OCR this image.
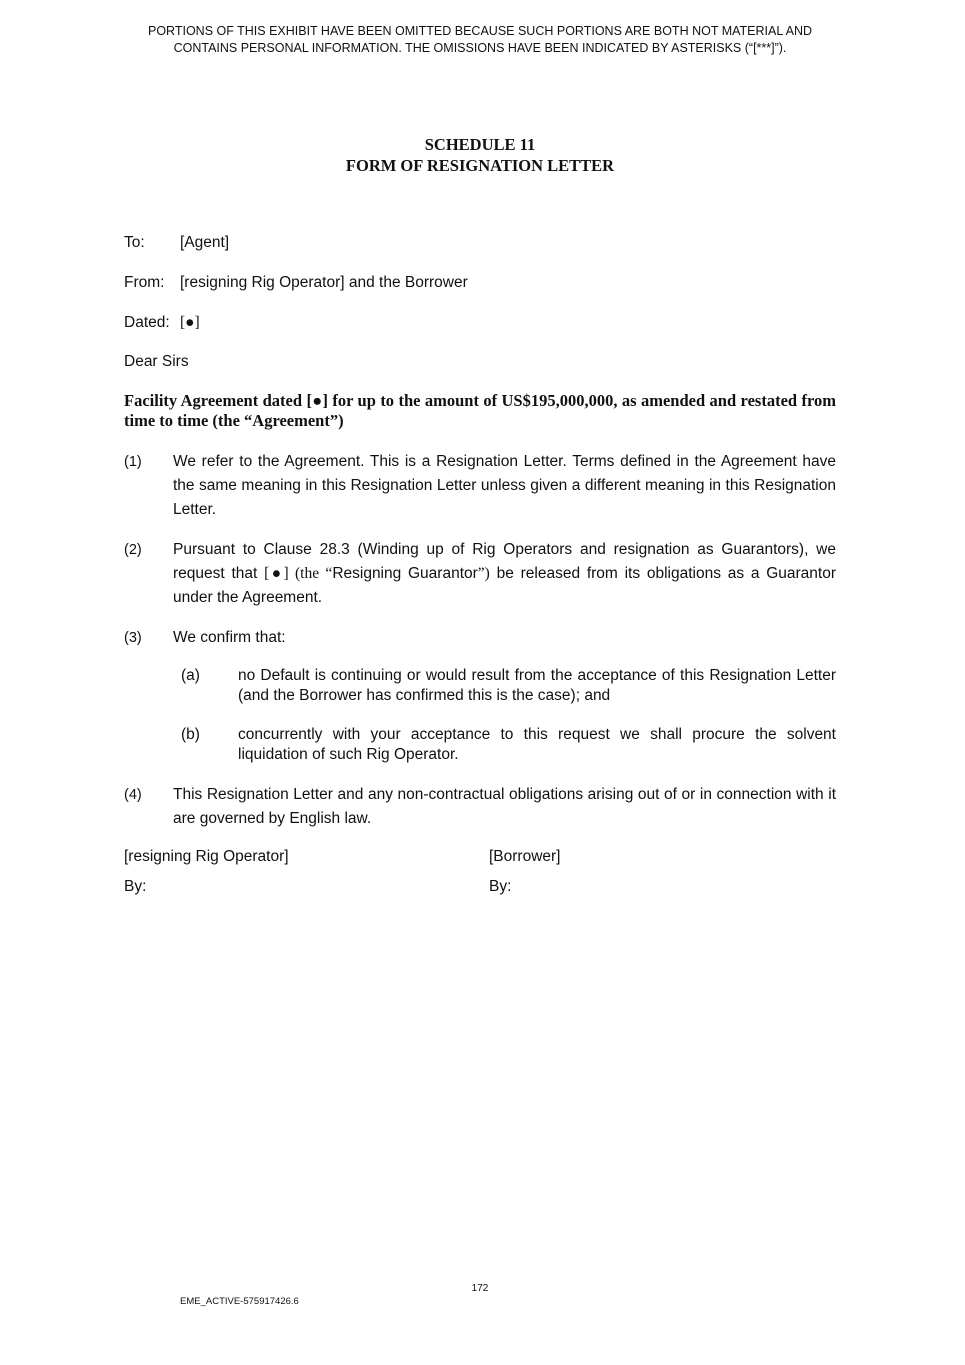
PORTIONS OF THIS EXHIBIT HAVE BEEN OMITTED BECAUSE SUCH PORTIONS ARE BOTH NOT MATERIAL AND
CONTAINS PERSONAL INFORMATION. THE OMISSIONS HAVE BEEN INDICATED BY ASTERISKS (“[***]”).
SCHEDULE 11
FORM OF RESIGNATION LETTER
To: [Agent]
From: [resigning Rig Operator] and the Borrower
Dated: [●]
Dear Sirs
Facility Agreement dated [●] for up to the amount of US$195,000,000, as amended and restated from time to time (the “Agreement”)
(1) We refer to the Agreement. This is a Resignation Letter. Terms defined in the Agreement have the same meaning in this Resignation Letter unless given a different meaning in this Resignation Letter.
(2) Pursuant to Clause 28.3 (Winding up of Rig Operators and resignation as Guarantors), we request that [●] (the “Resigning Guarantor”) be released from its obligations as a Guarantor under the Agreement.
(3) We confirm that:
(a) no Default is continuing or would result from the acceptance of this Resignation Letter (and the Borrower has confirmed this is the case); and
(b) concurrently with your acceptance to this request we shall procure the solvent liquidation of such Rig Operator.
(4) This Resignation Letter and any non-contractual obligations arising out of or in connection with it are governed by English law.
[resigning Rig Operator]
By:
[Borrower]
By:
172
EME_ACTIVE-575917426.6
